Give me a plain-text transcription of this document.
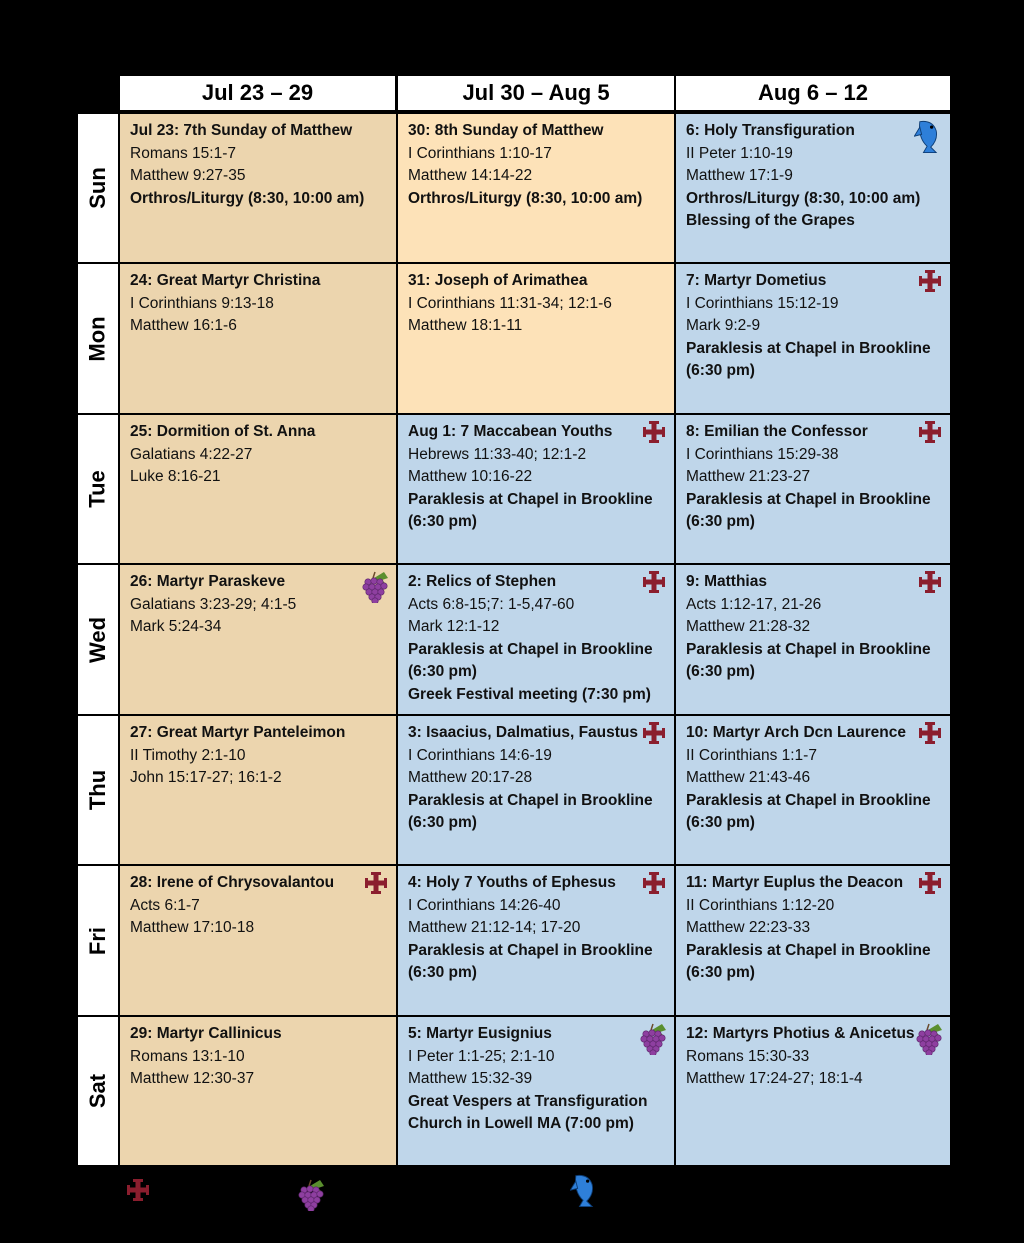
Jul 23 – 29	Jul 30 – Aug 5	Aug 6 – 12
Sun
Mon
Tue
Wed
Thu
Fri
Sat
Jul 23: 7th Sunday of Matthew
Romans 15:1-7
Matthew 9:27-35
Orthros/Liturgy (8:30, 10:00 am)
30: 8th Sunday of Matthew
I Corinthians 1:10-17
Matthew 14:14-22
Orthros/Liturgy (8:30, 10:00 am)
6: Holy Transfiguration
II Peter 1:10-19
Matthew 17:1-9
Orthros/Liturgy (8:30, 10:00 am)
Blessing of the Grapes
24: Great Martyr Christina
I Corinthians 9:13-18
Matthew 16:1-6
31: Joseph of Arimathea
I Corinthians 11:31-34; 12:1-6
Matthew 18:1-11
7: Martyr Dometius
I Corinthians 15:12-19
Mark 9:2-9
Paraklesis at Chapel in Brookline
(6:30 pm)
25: Dormition of St. Anna
Galatians 4:22-27
Luke 8:16-21
Aug 1: 7 Maccabean Youths
Hebrews 11:33-40; 12:1-2
Matthew 10:16-22
Paraklesis at Chapel in Brookline
(6:30 pm)
8: Emilian the Confessor
I Corinthians 15:29-38
Matthew 21:23-27
Paraklesis at Chapel in Brookline
(6:30 pm)
26: Martyr Paraskeve
Galatians 3:23-29; 4:1-5
Mark 5:24-34
2: Relics of Stephen
Acts 6:8-15;7: 1-5,47-60
Mark 12:1-12
Paraklesis at Chapel in Brookline
(6:30 pm)
Greek Festival meeting (7:30 pm)
9: Matthias
Acts 1:12-17, 21-26
Matthew 21:28-32
Paraklesis at Chapel in Brookline
(6:30 pm)
27: Great Martyr Panteleimon
II Timothy 2:1-10
John 15:17-27; 16:1-2
3: Isaacius, Dalmatius, Faustus
I Corinthians 14:6-19
Matthew 20:17-28
Paraklesis at Chapel in Brookline
(6:30 pm)
10: Martyr Arch Dcn Laurence
II Corinthians 1:1-7
Matthew 21:43-46
Paraklesis at Chapel in Brookline
(6:30 pm)
28: Irene of Chrysovalantou
Acts 6:1-7
Matthew 17:10-18
4: Holy 7 Youths of Ephesus
I Corinthians 14:26-40
Matthew 21:12-14; 17-20
Paraklesis at Chapel in Brookline
(6:30 pm)
11: Martyr Euplus the Deacon
II Corinthians 1:12-20
Matthew 22:23-33
Paraklesis at Chapel in Brookline
(6:30 pm)
29: Martyr Callinicus
Romans 13:1-10
Matthew 12:30-37
5: Martyr Eusignius
I Peter 1:1-25; 2:1-10
Matthew 15:32-39
Great Vespers at Transfiguration
Church in Lowell MA (7:00 pm)
12: Martyrs Photius & Anicetus
Romans 15:30-33
Matthew 17:24-27; 18:1-4
